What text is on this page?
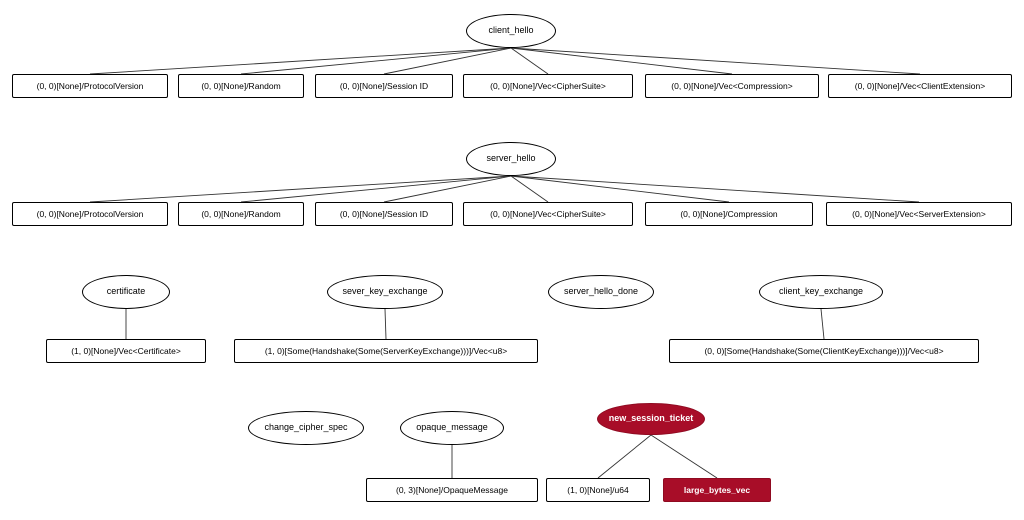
client_hello
(0, 0)[None]/ProtocolVersion	(0, 0)[None]/Random	(0, 0)[None]/Session ID	(0, 0)[None]/Vec<CipherSuite>	(0, 0)[None]/Vec<Compression>	(0, 0)[None]/Vec<ClientExtension>
server_hello
(0, 0)[None]/ProtocolVersion	(0, 0)[None]/Random	(0, 0)[None]/Session ID	(0, 0)[None]/Vec<CipherSuite>	(0, 0)[None]/Compression	(0, 0)[None]/Vec<ServerExtension>
certificate
(1, 0)[None]/Vec<Certificate>
sever_key_exchange
(1, 0)[Some(Handshake(Some(ServerKeyExchange)))]/Vec<u8>
server_hello_done	client_key_exchange
(0, 0)[Some(Handshake(Some(ClientKeyExchange)))]/Vec<u8>
change_cipher_spec	opaque_message
(0, 3)[None]/OpaqueMessage
new_session_ticket
(1, 0)[None]/u64	large_bytes_vec
